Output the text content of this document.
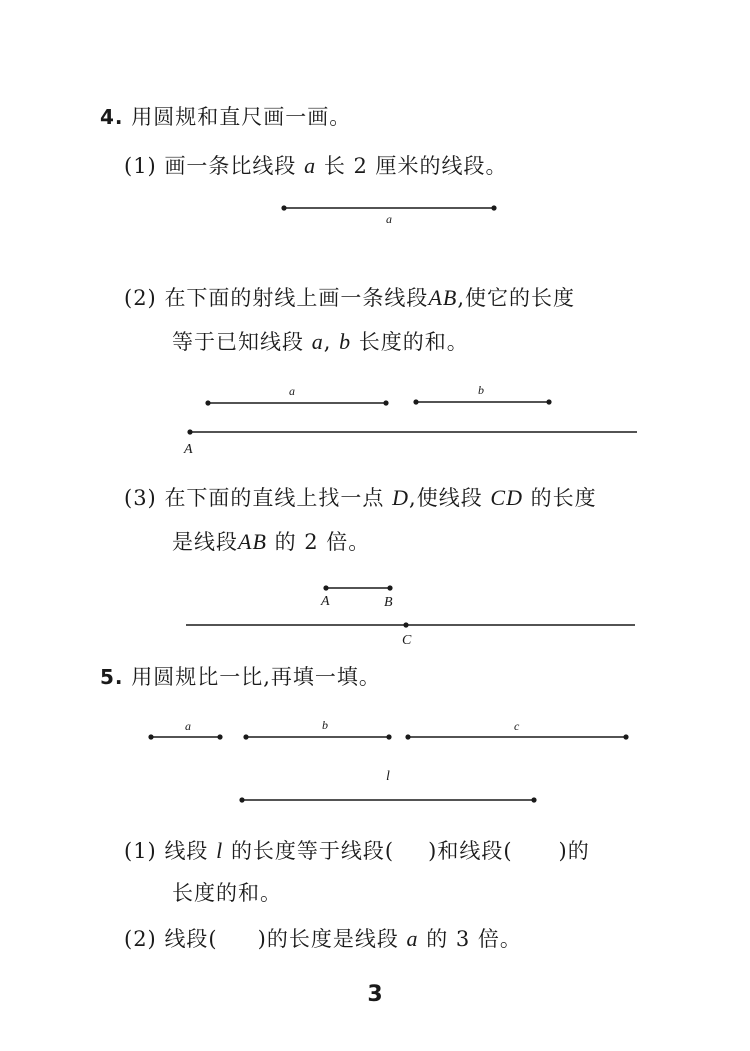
4. 用圆规和直尺画一画。
(1) 画一条比线段 a 长 2 厘米的线段。
(2) 在下面的射线上画一条线段AB,使它的长度
等于已知线段 a, b 长度的和。
(3) 在下面的直线上找一点 D,使线段 CD 的长度
是线段AB 的 2 倍。
5. 用圆规比一比,再填一填。
(1) 线段 l 的长度等于线段( )和线段( )的
长度的和。
(2) 线段( )的长度是线段 a 的 3 倍。
a
a	b
A
A	B
C
a	b	c
l
3
